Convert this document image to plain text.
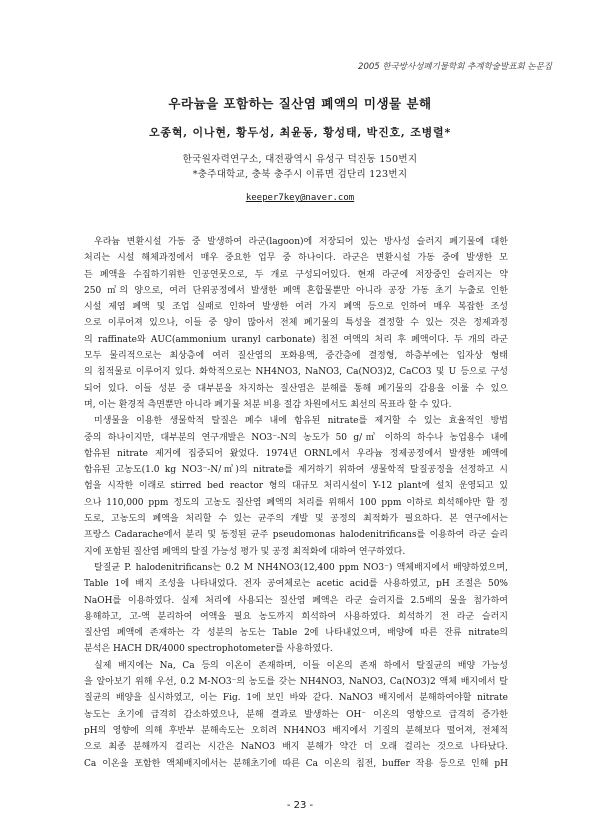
2005 한국방사성폐기물학회 추계학술발표회 논문집
우라늄을 포함하는 질산염 폐액의 미생물 분해
오종혁, 이나현, 황두성, 최윤동, 황성태, 박진호, 조병렬*
한국원자력연구소, 대전광역시 유성구 덕진동 150번지
*충주대학교, 충북 충주시 이류면 검단리 123번지
keeper7key@naver.com
우라늄 변환시설 가동 중 발생하여 라군(lagoon)에 저장되어 있는 방사성 슬러지 폐기물에 대한
처리는 시설 해체과정에서 매우 중요한 업무 중 하나이다. 라군은 변환시설 가동 중에 발생한 모
든 폐액을 수집하기위한 인공연못으로, 두 개로 구성되어있다. 현재 라군에 저장중인 슬러지는 약
250 ㎥의 양으로, 여러 단위공정에서 발생한 폐액 혼합물뿐만 아니라 공장 가동 초기 누출로 인한
시설 제염 폐액 및 조업 실패로 인하여 발생한 여러 가지 폐액 등으로 인하여 매우 복잡한 조성
으로 이루어져 있으나, 이들 중 양이 많아서 전체 폐기물의 특성을 결정할 수 있는 것은 정제과정
의 raffinate와 AUC(ammonium uranyl carbonate) 침전 여액의 처리 후 폐액이다. 두 개의 라군
모두 물리적으로는 최상층에 여러 질산염의 포화용액, 중간층에 결정형, 하층부에는 입자상 형태
의 침적물로 이루어지 있다. 화학적으로는 NH4NO3, NaNO3, Ca(NO3)2, CaCO3 및 U 등으로 구성
되어 있다. 이들 성분 중 대부분을 차지하는 질산염은 분해를 통해 폐기물의 감용을 이룰 수 있으
며, 이는 환경적 측면뿐만 아니라 폐기물 처분 비용 절감 차원에서도 최선의 목표라 할 수 있다.
미생물을 이용한 생물학적 탈질은 폐수 내에 함유된 nitrate를 제거할 수 있는 효율적인 방법
중의 하나이지만, 대부분의 연구개발은 NO3⁻-N의 농도가 50 g/㎥ 이하의 하수나 농업용수 내에
함유된 nitrate 제거에 집중되어 왔었다. 1974년 ORNL에서 우라늄 정제공정에서 발생한 폐액에
함유된 고농도(1.0 kg NO3⁻-N/㎥)의 nitrate를 제거하기 위하여 생물학적 탈질공정을 선정하고 시
험을 시작한 이래로 stirred bed reactor 형의 대규모 처리시설이 Y-12 plant에 설치 운영되고 있
으나 110,000 ppm 정도의 고농도 질산염 폐액의 처리를 위해서 100 ppm 이하로 희석해야만 할 정
도로, 고농도의 폐액을 처리할 수 있는 균주의 개발 및 공정의 최적화가 필요하다. 본 연구에서는
프랑스 Cadarache에서 분리 및 동정된 균주 pseudomonas halodenitrificans를 이용하여 라군 슬리
지에 포함된 질산염 폐액의 탈질 가능성 평가 및 공정 최적화에 대하여 연구하였다.
탈질균 P. halodenitrificans는 0.2 M NH4NO3(12,400 ppm NO3⁻) 액체배지에서 배양하였으며,
Table 1에 배지 조성을 나타내었다. 전자 공여체로는 acetic acid를 사용하였고, pH 조절은 50%
NaOH를 이용하였다. 실제 처리에 사용되는 질산염 폐액은 라군 슬러지를 2.5배의 물을 첨가하여
용해하고, 고-액 분리하여 여액을 필요 농도까지 희석하여 사용하였다. 희석하기 전 라군 슬러지
질산염 폐액에 존재하는 각 성분의 농도는 Table 2에 나타내었으며, 배양에 따른 잔류 nitrate의
분석은 HACH DR/4000 spectrophotometer를 사용하였다.
실제 배지에는 Na, Ca 등의 이온이 존재하며, 이들 이온의 존재 하에서 탈질균의 배양 가능성
을 알아보기 위해 우선, 0.2 M-NO3⁻의 농도를 갖는 NH4NO3, NaNO3, Ca(NO3)2 액체 배지에서 탈
질균의 배양을 실시하였고, 이는 Fig. 1에 보인 바와 같다. NaNO3 배지에서 분해하여야할 nitrate
농도는 초기에 급격히 감소하였으나, 분해 결과로 발생하는 OH⁻ 이온의 영향으로 급격히 증가한
pH의 영향에 의해 후반부 분해속도는 오히려 NH4NO3 배지에서 기질의 분해보다 떨어져, 전체적
으로 최종 분해까지 걸리는 시간은 NaNO3 배지 분해가 약간 더 오래 걸리는 것으로 나타났다.
Ca 이온을 포함한 액체배지에서는 분해초기에 따른 Ca 이온의 침전, buffer 작용 등으로 인해 pH
- 23 -
